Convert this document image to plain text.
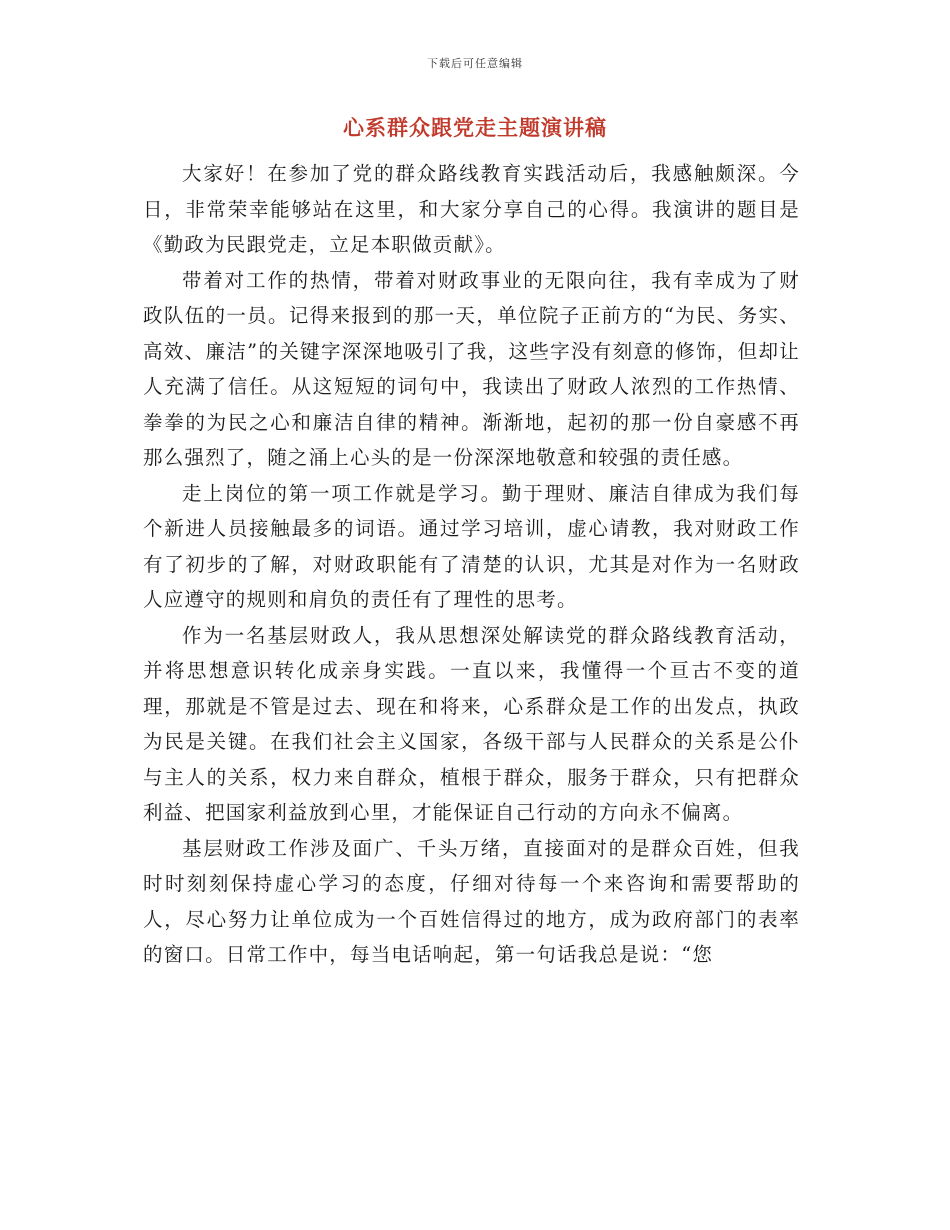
下载后可任意编辑
心系群众跟党走主题演讲稿

大家好！在参加了党的群众路线教育实践活动后，我感触颇深。今日，非常荣幸能够站在这里，和大家分享自己的心得。我演讲的题目是《勤政为民跟党走，立足本职做贡献》。

带着对工作的热情，带着对财政事业的无限向往，我有幸成为了财政队伍的一员。记得来报到的那一天，单位院子正前方的“为民、务实、高效、廉洁”的关键字深深地吸引了我，这些字没有刻意的修饰，但却让人充满了信任。从这短短的词句中，我读出了财政人浓烈的工作热情、拳拳的为民之心和廉洁自律的精神。渐渐地，起初的那一份自豪感不再那么强烈了，随之涌上心头的是一份深深地敬意和较强的责任感。

走上岗位的第一项工作就是学习。勤于理财、廉洁自律成为我们每个新进人员接触最多的词语。通过学习培训，虚心请教，我对财政工作有了初步的了解，对财政职能有了清楚的认识，尤其是对作为一名财政人应遵守的规则和肩负的责任有了理性的思考。

作为一名基层财政人，我从思想深处解读党的群众路线教育活动，并将思想意识转化成亲身实践。一直以来，我懂得一个亘古不变的道理，那就是不管是过去、现在和将来，心系群众是工作的出发点，执政为民是关键。在我们社会主义国家，各级干部与人民群众的关系是公仆与主人的关系，权力来自群众，植根于群众，服务于群众，只有把群众利益、把国家利益放到心里，才能保证自己行动的方向永不偏离。

基层财政工作涉及面广、千头万绪，直接面对的是群众百姓，但我时时刻刻保持虚心学习的态度，仔细对待每一个来咨询和需要帮助的人，尽心努力让单位成为一个百姓信得过的地方，成为政府部门的表率的窗口。日常工作中，每当电话响起，第一句话我总是说：“您
